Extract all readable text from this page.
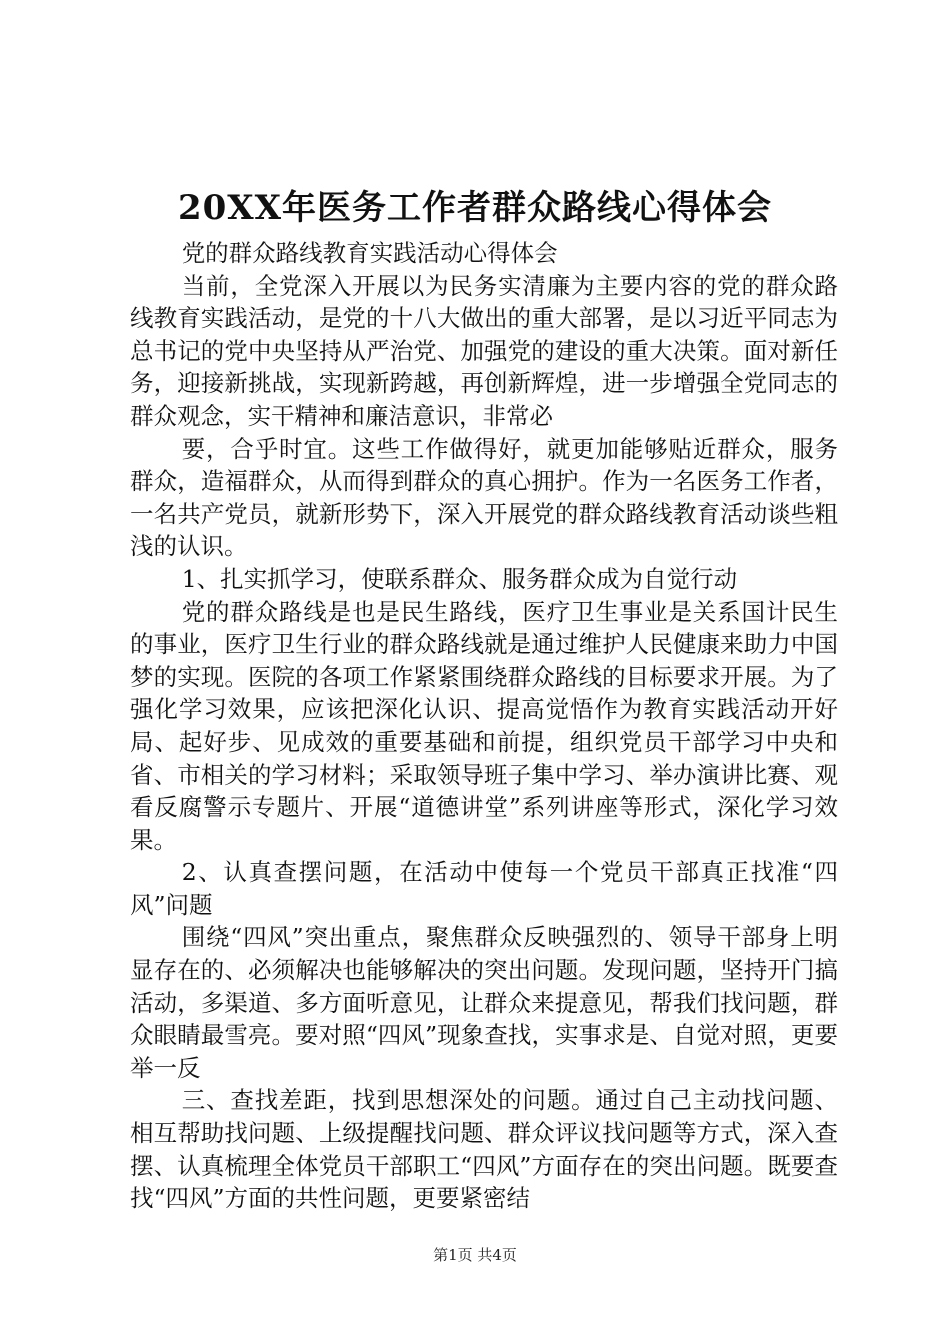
20XX年医务工作者群众路线心得体会

党的群众路线教育实践活动心得体会

当前，全党深入开展以为民务实清廉为主要内容的党的群众路线教育实践活动，是党的十八大做出的重大部署，是以习近平同志为总书记的党中央坚持从严治党、加强党的建设的重大决策。面对新任务，迎接新挑战，实现新跨越，再创新辉煌，进一步增强全党同志的群众观念，实干精神和廉洁意识，非常必

要，合乎时宜。这些工作做得好，就更加能够贴近群众，服务群众，造福群众，从而得到群众的真心拥护。作为一名医务工作者，一名共产党员，就新形势下，深入开展党的群众路线教育活动谈些粗浅的认识。

1、扎实抓学习，使联系群众、服务群众成为自觉行动

党的群众路线是也是民生路线，医疗卫生事业是关系国计民生的事业，医疗卫生行业的群众路线就是通过维护人民健康来助力中国梦的实现。医院的各项工作紧紧围绕群众路线的目标要求开展。为了强化学习效果，应该把深化认识、提高觉悟作为教育实践活动开好局、起好步、见成效的重要基础和前提，组织党员干部学习中央和省、市相关的学习材料；采取领导班子集中学习、举办演讲比赛、观看反腐警示专题片、开展“道德讲堂”系列讲座等形式，深化学习效果。

2、认真查摆问题，在活动中使每一个党员干部真正找准“四风”问题

围绕“四风”突出重点，聚焦群众反映强烈的、领导干部身上明显存在的、必须解决也能够解决的突出问题。发现问题，坚持开门搞活动，多渠道、多方面听意见，让群众来提意见，帮我们找问题，群众眼睛最雪亮。要对照“四风”现象查找，实事求是、自觉对照，更要举一反

三、查找差距，找到思想深处的问题。通过自己主动找问题、相互帮助找问题、上级提醒找问题、群众评议找问题等方式，深入查摆、认真梳理全体党员干部职工“四风”方面存在的突出问题。既要查找“四风”方面的共性问题，更要紧密结

第1页 共4页
